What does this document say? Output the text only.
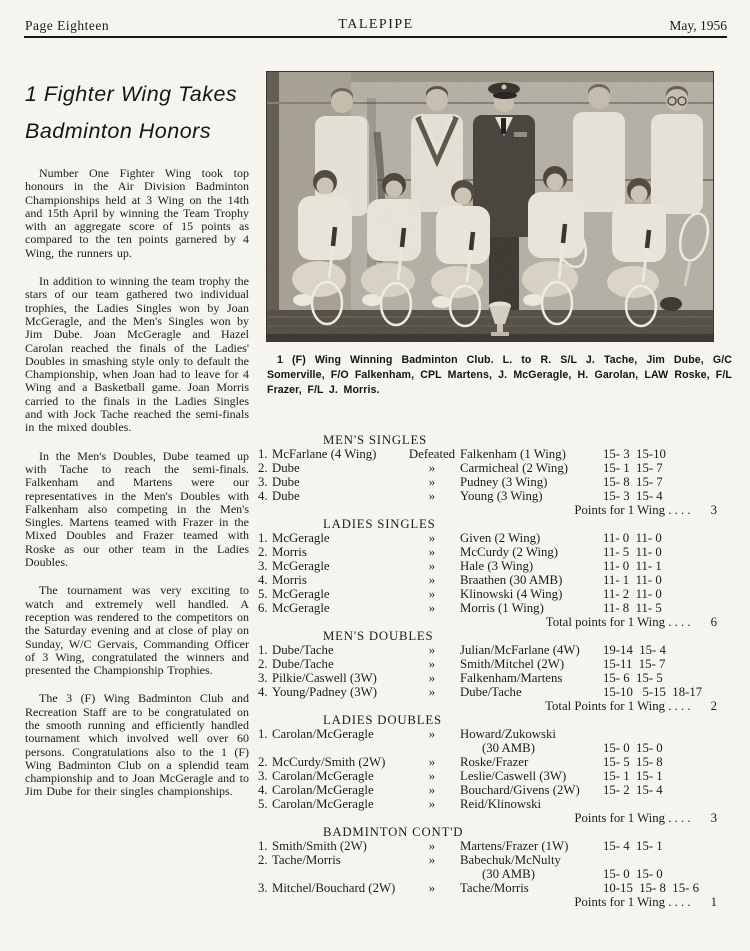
Page Eighteen	TALEPIPE	May, 1956
1 Fighter Wing Takes
Badminton Honors

Number One Fighter Wing took top honours in the Air Division Badminton Championships held at 3 Wing on the 14th and 15th April by winning the Team Trophy with an aggregate score of 15 points as compared to the ten points garnered by 4 Wing, the runners up.

In addition to winning the team trophy the stars of our team gathered two individual trophies, the Ladies Singles won by Joan McGeragle, and the Men's Singles won by Jim Dube. Joan McGeragle and Hazel Carolan reached the finals of the Ladies' Doubles in smashing style only to default the Championship, when Joan had to leave for 4 Wing and a Basketball game. Joan Morris carried to the finals in the Ladies Singles and with Jock Tache reached the semi-finals in the mixed doubles.

In the Men's Doubles, Dube teamed up with Tache to reach the semi-finals. Falkenham and Martens were our representatives in the Men's Doubles with Falkenham also competing in the Men's Singles. Martens teamed with Frazer in the Mixed Doubles and Frazer teamed with Roske as our other team in the Ladies Doubles.

The tournament was very exciting to watch and extremely well handled. A reception was rendered to the competitors on the Saturday evening and at close of play on Sunday, W/C Gervais, Commanding Officer of 3 Wing, congratulated the winners and presented the Championship Trophies.

The 3 (F) Wing Badminton Club and Recreation Staff are to be congratulated on the smooth running and efficiently handled tournament which involved well over 60 persons. Congratulations also to the 1 (F) Wing Badminton Club on a splendid team championship and to Joan McGeragle and to Jim Dube for their singles championships.

1 (F) Wing Winning Badminton Club. L. to R. S/L J. Tache, Jim Dube, G/C Somerville, F/O Falkenham, CPL Martens, J. McGeragle, H. Garolan, LAW Roske, F/L Frazer, F/L J. Morris.
MEN'S SINGLES
1. McFarlane (4 Wing)	Defeated Falkenham (1 Wing)	15- 3  15-10
2. Dube	»	Carmicheal (2 Wing)	15- 1  15- 7
3. Dube	»	Pudney (3 Wing)	15- 8  15- 7
4. Dube	»	Young (3 Wing)	15- 3  15- 4
Points for 1 Wing . . . . 3
LADIES SINGLES
1. McGeragle	»	Given (2 Wing)	11- 0  11- 0
2. Morris	»	McCurdy (2 Wing)	11- 5  11- 0
3. McGeragle	»	Hale (3 Wing)	11- 0  11- 1
4. Morris	»	Braathen (30 AMB)	11- 1  11- 0
5. McGeragle	»	Klinowski (4 Wing)	11- 2  11- 0
6. McGeragle	»	Morris (1 Wing)	11- 8  11- 5
Total points for 1 Wing . . . . 6
MEN'S DOUBLES
1. Dube/Tache	»	Julian/McFarlane (4W) 19-14  15- 4
2. Dube/Tache	»	Smith/Mitchel (2W)	15-11  15- 7
3. Pilkie/Caswell (3W)	»	Falkenham/Martens	15- 6  15- 5
4. Young/Padney (3W)	»	Dube/Tache	15-10   5-15  18-17
Total Points for 1 Wing . . . . 2
LADIES DOUBLES
1. Carolan/McGeragle	»	Howard/Zukowski
(30 AMB)	15- 0  15- 0
2. McCurdy/Smith (2W)	»	Roske/Frazer	15- 5  15- 8
3. Carolan/McGeragle	»	Leslie/Caswell (3W)	15- 1  15- 1
4. Carolan/McGeragle	»	Bouchard/Givens (2W) 15- 2  15- 4
5. Carolan/McGeragle	»	Reid/Klinowski
Points for 1 Wing . . . . 3
BADMINTON CONT'D
1. Smith/Smith (2W)	»	Martens/Frazer (1W)	15- 4  15- 1
2. Tache/Morris	»	Babechuk/McNulty
(30 AMB)	15- 0  15- 0
3. Mitchel/Bouchard (2W)	»	Tache/Morris	10-15  15- 8  15- 6
Points for 1 Wing . . . . 1
